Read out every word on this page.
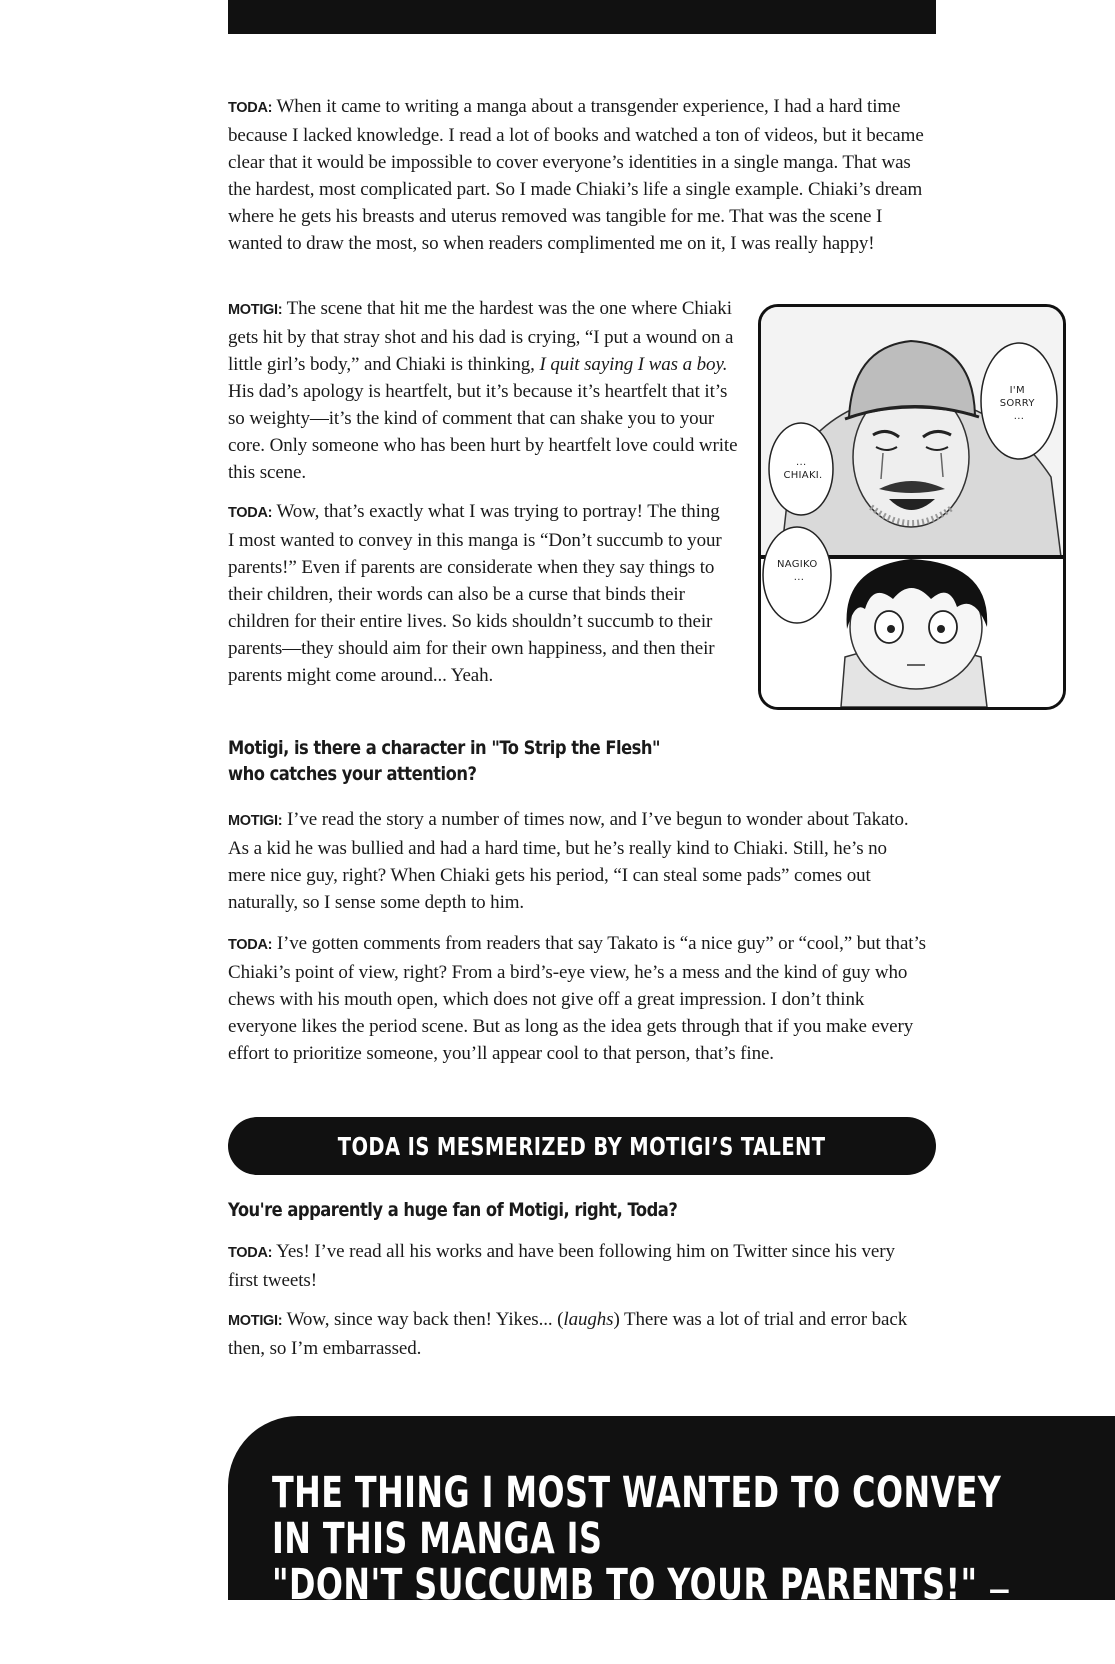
TODA: When it came to writing a manga about a transgender experience, I had a hard time because I lacked knowledge. I read a lot of books and watched a ton of videos, but it became clear that it would be impossible to cover everyone’s identities in a single manga. That was the hardest, most complicated part. So I made Chiaki’s life a single example. Chiaki’s dream where he gets his breasts and uterus removed was tangible for me. That was the scene I wanted to draw the most, so when readers complimented me on it, I was really happy!

MOTIGI: The scene that hit me the hardest was the one where Chiaki gets hit by that stray shot and his dad is crying, “I put a wound on a little girl’s body,” and Chiaki is thinking, I quit saying I was a boy. His dad’s apology is heartfelt, but it’s because it’s heartfelt that it’s so weighty—it’s the kind of comment that can shake you to your core. Only someone who has been hurt by heartfelt love could write this scene.

TODA: Wow, that’s exactly what I was trying to portray! The thing I most wanted to convey in this manga is “Don’t succumb to your parents!” Even if parents are considerate when they say things to their children, their words can also be a curse that binds their children for their entire lives. So kids shouldn’t succumb to their parents—they should aim for their own happiness, and then their parents might come around... Yeah.

I'M SORRY ...
... CHIAKI.
NAGIKO ...

Motigi, is there a character in "To Strip the Flesh" who catches your attention?

MOTIGI: I’ve read the story a number of times now, and I’ve begun to wonder about Takato. As a kid he was bullied and had a hard time, but he’s really kind to Chiaki. Still, he’s no mere nice guy, right? When Chiaki gets his period, “I can steal some pads” comes out naturally, so I sense some depth to him.

TODA: I’ve gotten comments from readers that say Takato is “a nice guy” or “cool,” but that’s Chiaki’s point of view, right? From a bird’s-eye view, he’s a mess and the kind of guy who chews with his mouth open, which does not give off a great impression. I don’t think everyone likes the period scene. But as long as the idea gets through that if you make every effort to prioritize someone, you’ll appear cool to that person, that’s fine.

TODA IS MESMERIZED BY MOTIGI’S TALENT

You're apparently a huge fan of Motigi, right, Toda?

TODA: Yes! I’ve read all his works and have been following him on Twitter since his very first tweets!

MOTIGI: Wow, since way back then! Yikes... (laughs) There was a lot of trial and error back then, so I’m embarrassed.

THE THING I MOST WANTED TO CONVEY IN THIS MANGA IS
"DON'T SUCCUMB TO YOUR PARENTS!" —TODA
